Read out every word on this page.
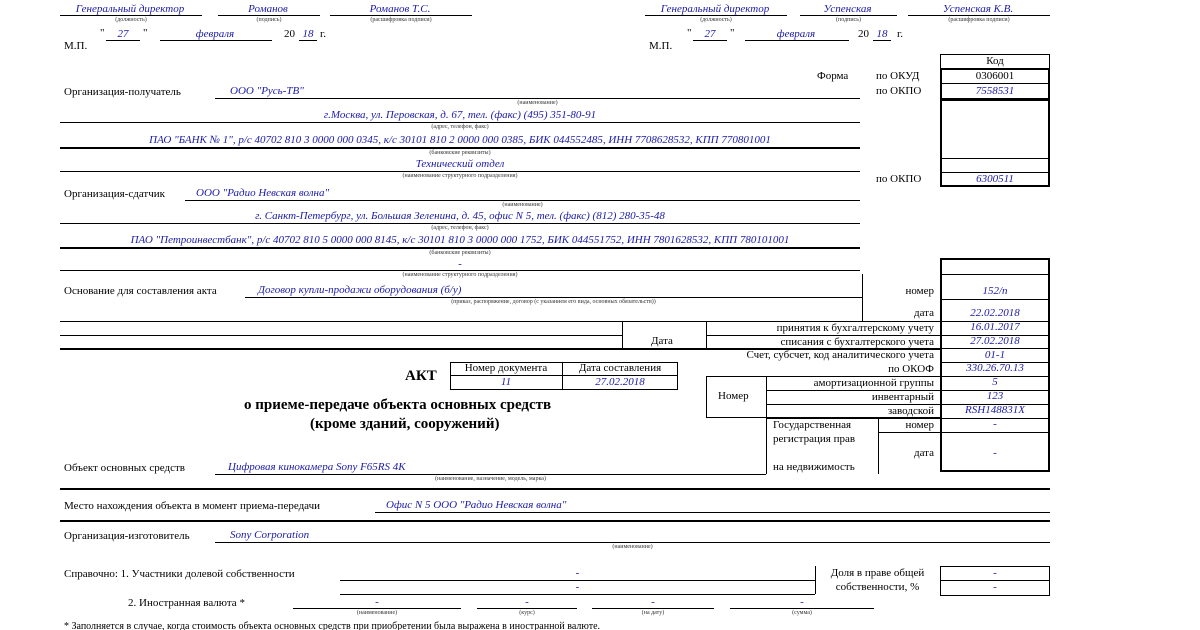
Генеральный директор	Романов	Романов Т.С.
(должность)	(подпись)	(расшифровка подписи)
"	27	"	февраля	20 18 г.
М.П.
Генеральный директор	Успенская	Успенская К.В.
(должность)	(подпись)	(расшифровка подписи)
"	27	"	февраля	20 18 г.
М.П.
Код
Форма	по ОКУД	0306001
по ОКПО	7558531
по ОКПО	6300511
Организация-получатель	ООО "Русь-ТВ"
(наименование)
г.Москва, ул. Перовская, д. 67, тел. (факс) (495) 351-80-91
(адрес, телефон, факс)
ПАО "БАНК № 1", р/с 40702 810 3 0000 000 0345, к/с 30101 810 2 0000 000 0385, БИК 044552485, ИНН 7708628532, КПП 770801001
(банковские реквизиты)
Технический отдел
(наименование структурного подразделения)
Организация-сдатчик	ООО "Радио Невская волна"
(наименование)
г. Санкт-Петербург, ул. Большая Зеленина, д. 45, офис N 5, тел. (факс) (812) 280-35-48
(адрес, телефон, факс)
ПАО "Петроинвестбанк", р/с 40702 810 5 0000 000 8145, к/с 30101 810 3 0000 000 1752, БИК 044551752, ИНН 7801628532, КПП 780101001
(банковские реквизиты)
-
(наименование структурного подразделения)
Основание для составления акта	Договор купли-продажи оборудования (б/у)
(приказ, распоряжение, договор (с указанием его вида, основных обязательств))
номер	152/п
дата	22.02.2018
Дата
принятия к бухгалтерскому учету	16.01.2017
списания с бухгалтерского учета	27.02.2018
Счет, субсчет, код аналитического учета	01-1
по ОКОФ	330.26.70.13
Номер
амортизационной группы	5
инвентарный	123
заводской	RSH148831X
Государственная
регистрация прав
на недвижимость
номер	-
дата	-
АКТ	Номер документа	Дата составления
11	27.02.2018
о приеме-передаче объекта основных средств
(кроме зданий, сооружений)
Объект основных средств	Цифровая кинокамера Sony F65RS 4K
(наименование, назначение, модель, марка)
Место нахождения объекта в момент приема-передачи	Офис N 5 ООО "Радио Невская волна"
Организация-изготовитель	Sony Corporation
(наименование)
Справочно: 1. Участники долевой собственности	-
-
Доля в праве общей
собственности, %
-
-
2. Иностранная валюта *	-
(наименование)
-
(курс)
-
(на дату)
-
(сумма)
* Заполняется в случае, когда стоимость объекта основных средств при приобретении была выражена в иностранной валюте.
